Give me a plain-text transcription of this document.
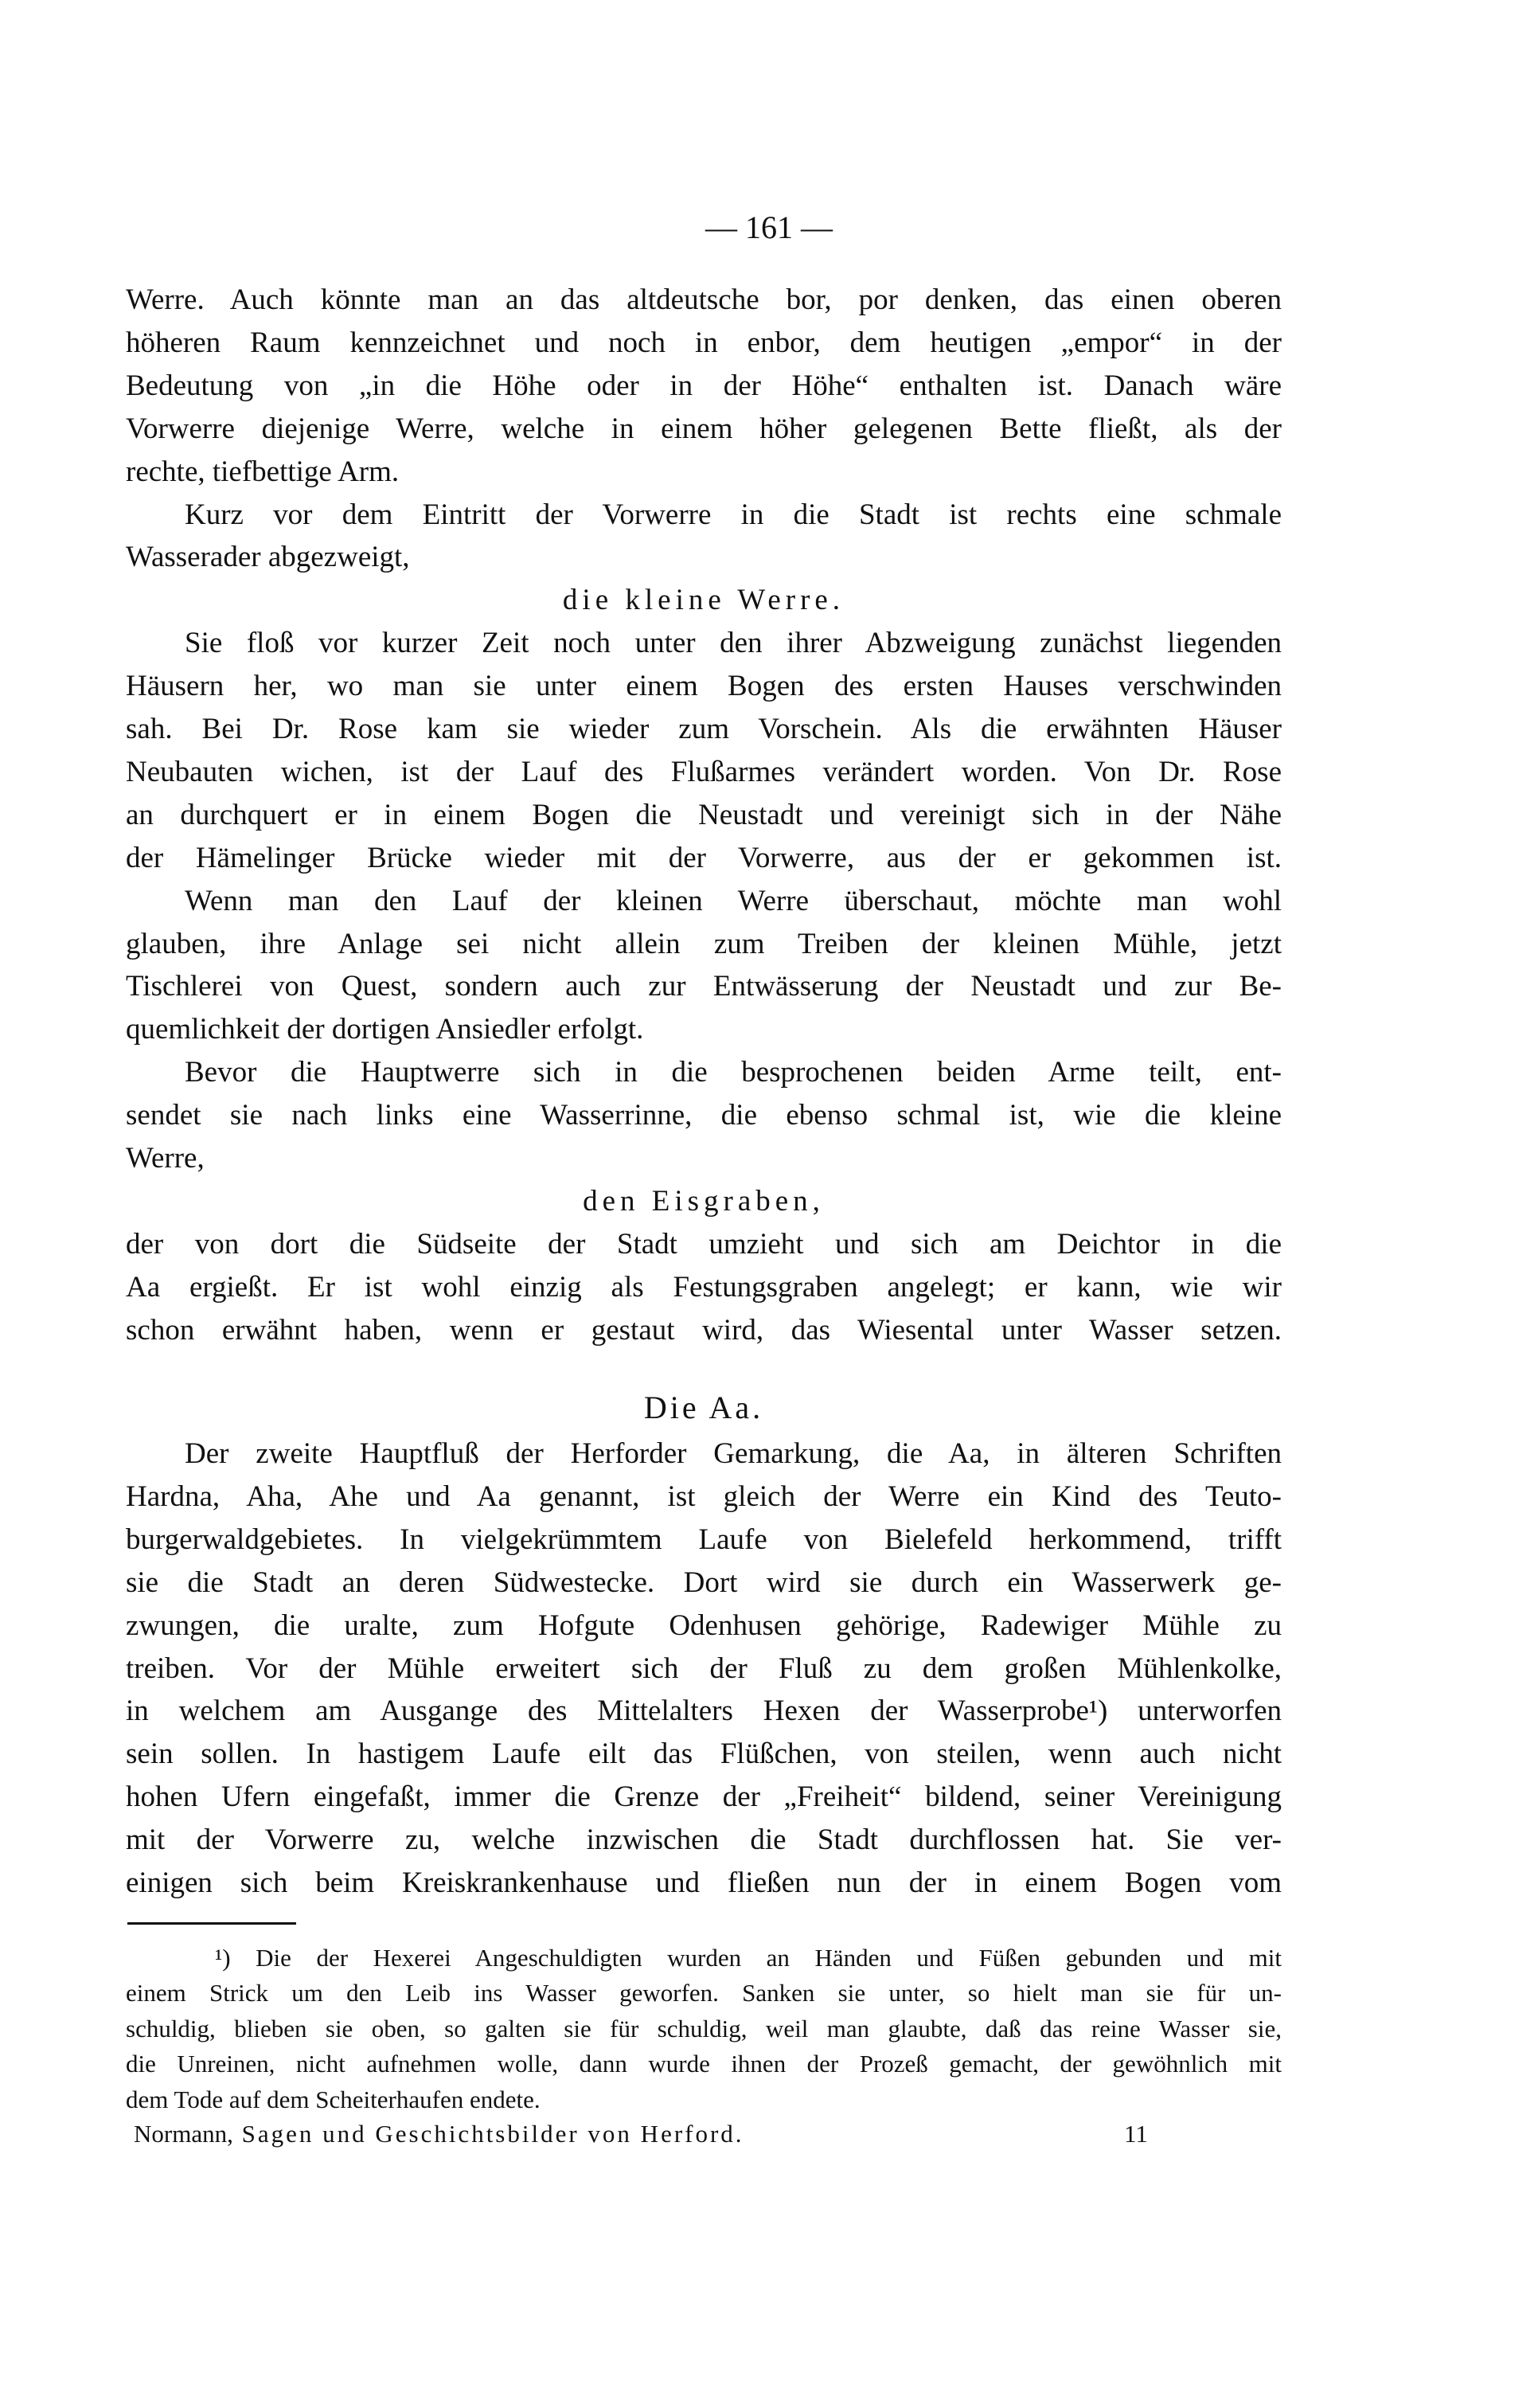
— 161 —
Werre. Auch könnte man an das altdeutsche bor, por denken, das einen oberen
höheren Raum kennzeichnet und noch in enbor, dem heutigen „empor“ in der
Bedeutung von „in die Höhe oder in der Höhe“ enthalten ist. Danach wäre
Vorwerre diejenige Werre, welche in einem höher gelegenen Bette fließt, als der
rechte, tiefbettige Arm.
Kurz vor dem Eintritt der Vorwerre in die Stadt ist rechts eine schmale
Wasserader abgezweigt,
die kleine Werre.
Sie floß vor kurzer Zeit noch unter den ihrer Abzweigung zunächst liegenden
Häusern her, wo man sie unter einem Bogen des ersten Hauses verschwinden
sah. Bei Dr. Rose kam sie wieder zum Vorschein. Als die erwähnten Häuser
Neubauten wichen, ist der Lauf des Flußarmes verändert worden. Von Dr. Rose
an durchquert er in einem Bogen die Neustadt und vereinigt sich in der Nähe
der Hämelinger Brücke wieder mit der Vorwerre, aus der er gekommen ist.
Wenn man den Lauf der kleinen Werre überschaut, möchte man wohl
glauben, ihre Anlage sei nicht allein zum Treiben der kleinen Mühle, jetzt
Tischlerei von Quest, sondern auch zur Entwässerung der Neustadt und zur Be-
quemlichkeit der dortigen Ansiedler erfolgt.
Bevor die Hauptwerre sich in die besprochenen beiden Arme teilt, ent-
sendet sie nach links eine Wasserrinne, die ebenso schmal ist, wie die kleine
Werre,
den Eisgraben,
der von dort die Südseite der Stadt umzieht und sich am Deichtor in die
Aa ergießt. Er ist wohl einzig als Festungsgraben angelegt; er kann, wie wir
schon erwähnt haben, wenn er gestaut wird, das Wiesental unter Wasser setzen.
Die Aa.
Der zweite Hauptfluß der Herforder Gemarkung, die Aa, in älteren Schriften
Hardna, Aha, Ahe und Aa genannt, ist gleich der Werre ein Kind des Teuto-
burgerwaldgebietes. In vielgekrümmtem Laufe von Bielefeld herkommend, trifft
sie die Stadt an deren Südwestecke. Dort wird sie durch ein Wasserwerk ge-
zwungen, die uralte, zum Hofgute Odenhusen gehörige, Radewiger Mühle zu
treiben. Vor der Mühle erweitert sich der Fluß zu dem großen Mühlenkolke,
in welchem am Ausgange des Mittelalters Hexen der Wasserprobe¹) unterworfen
sein sollen. In hastigem Laufe eilt das Flüßchen, von steilen, wenn auch nicht
hohen Ufern eingefaßt, immer die Grenze der „Freiheit“ bildend, seiner Vereinigung
mit der Vorwerre zu, welche inzwischen die Stadt durchflossen hat. Sie ver-
einigen sich beim Kreiskrankenhause und fließen nun der in einem Bogen vom
¹) Die der Hexerei Angeschuldigten wurden an Händen und Füßen gebunden und mit
einem Strick um den Leib ins Wasser geworfen. Sanken sie unter, so hielt man sie für un-
schuldig, blieben sie oben, so galten sie für schuldig, weil man glaubte, daß das reine Wasser sie,
die Unreinen, nicht aufnehmen wolle, dann wurde ihnen der Prozeß gemacht, der gewöhnlich mit
dem Tode auf dem Scheiterhaufen endete.
Normann, Sagen und Geschichtsbilder von Herford.	11
